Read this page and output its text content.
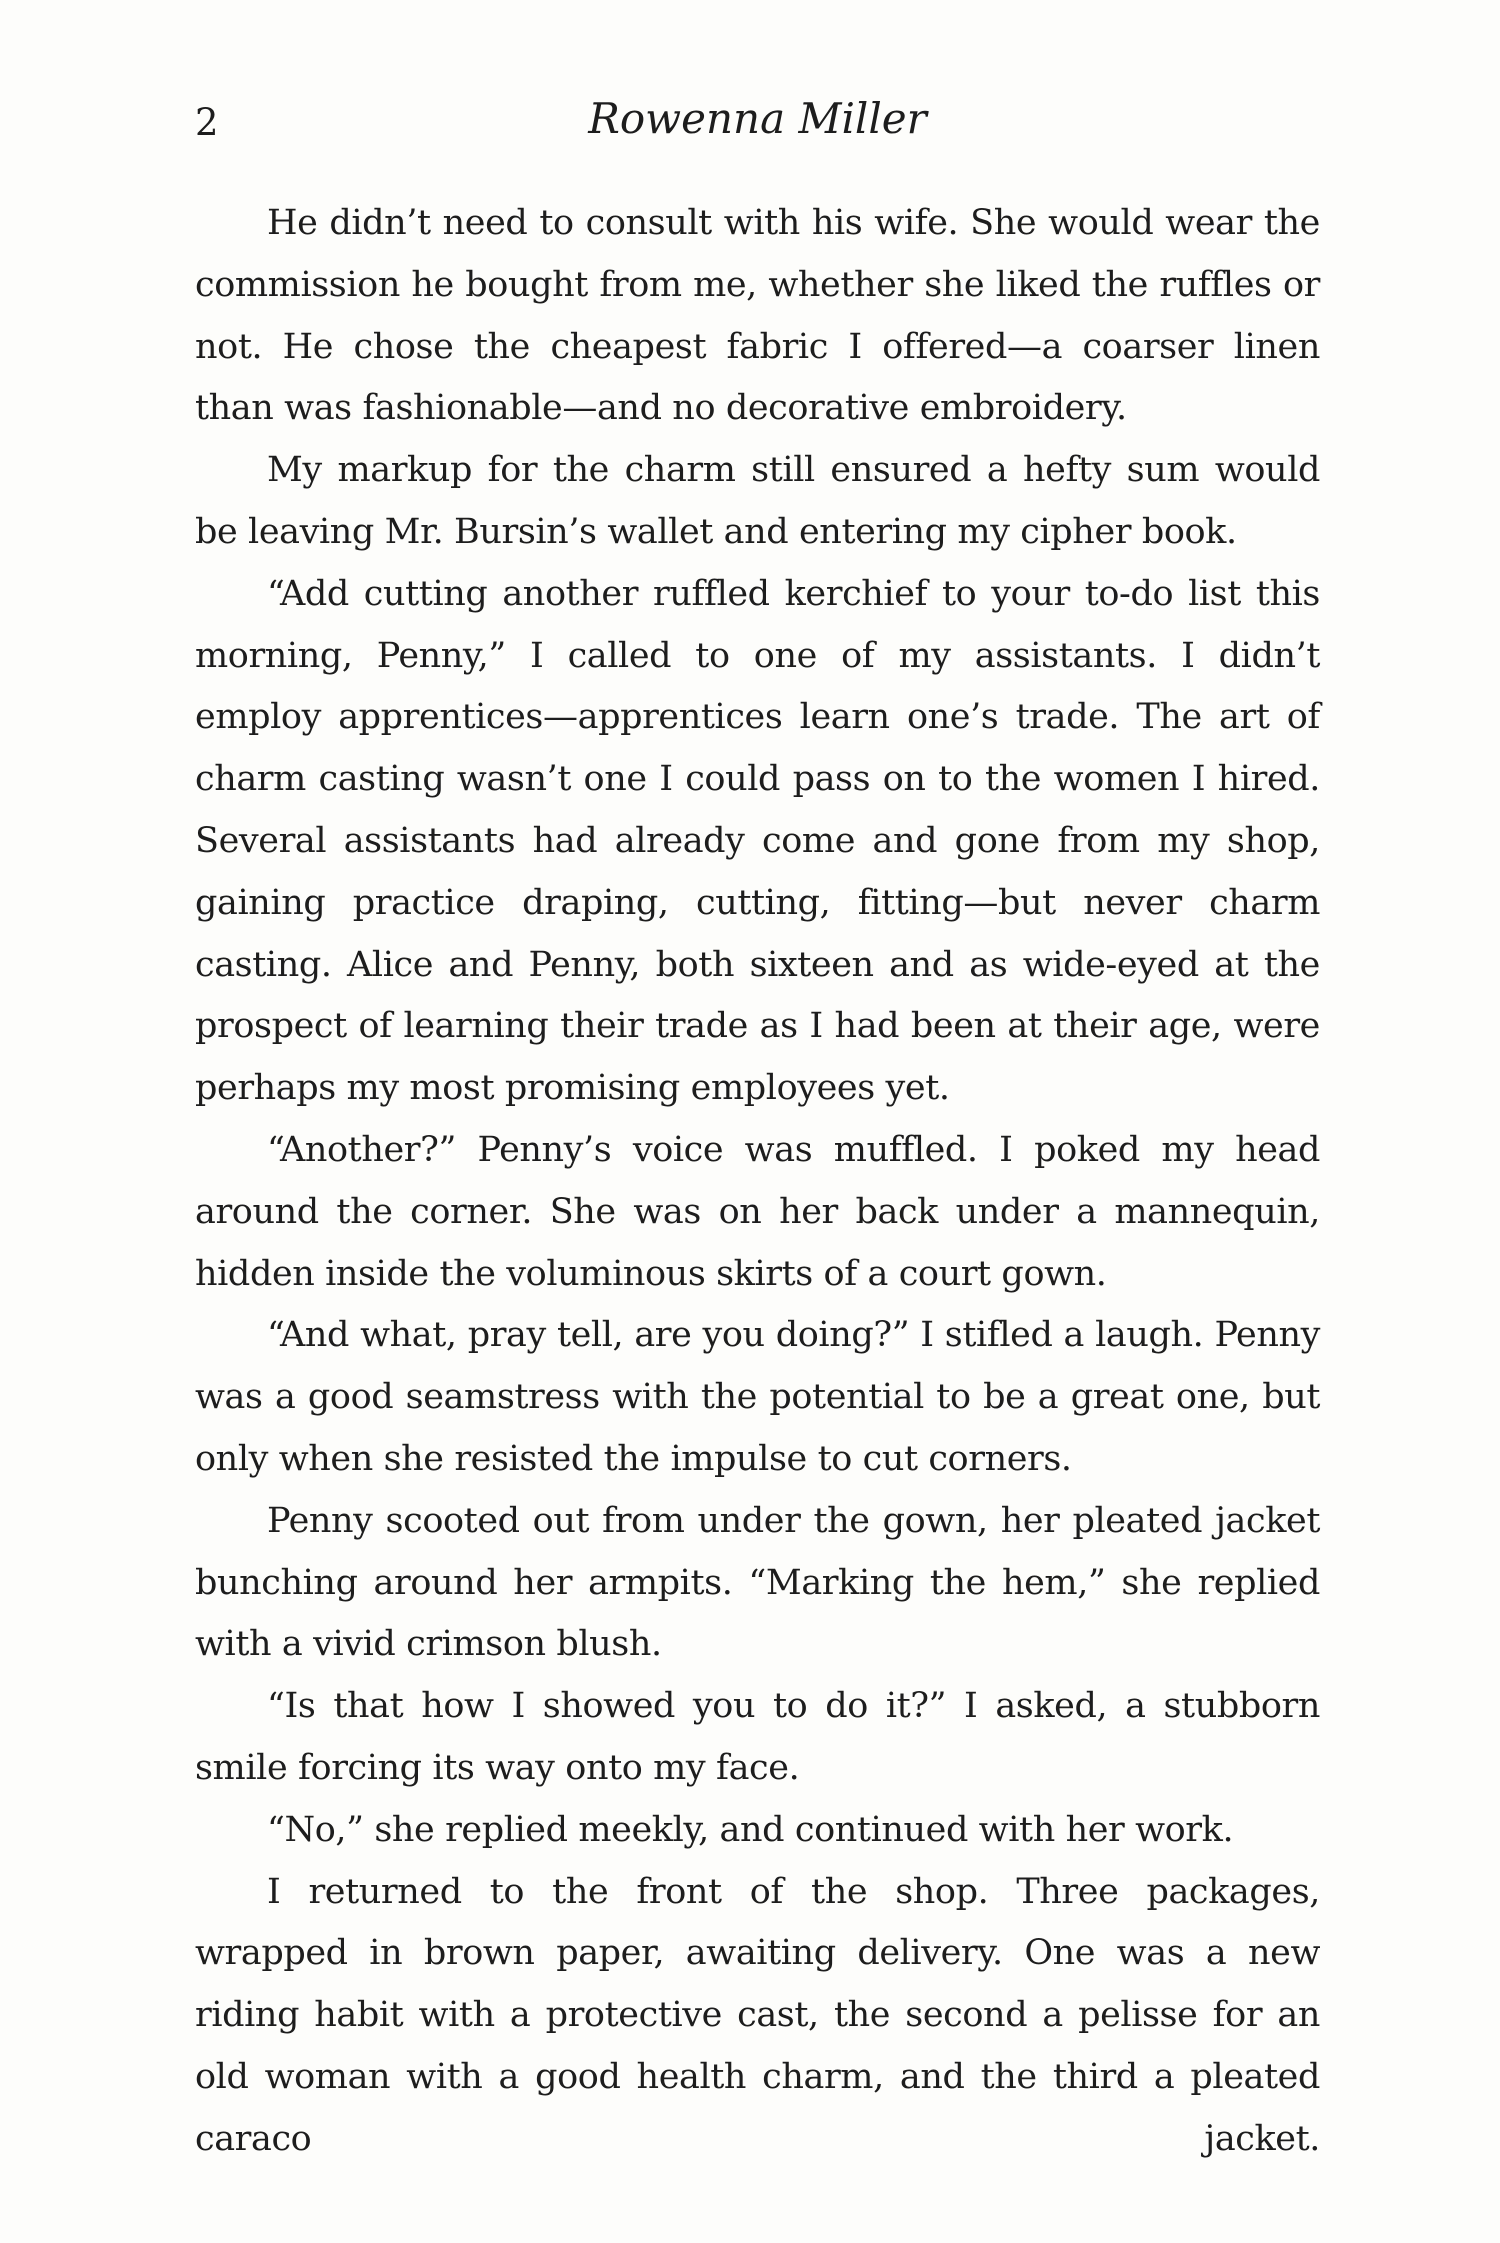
2	Rowenna Miller

He didn’t need to consult with his wife. She would wear the commission he bought from me, whether she liked the ruffles or not. He chose the cheapest fabric I offered—a coarser linen than was fashionable—and no decorative embroidery.

My markup for the charm still ensured a hefty sum would be leaving Mr. Bursin’s wallet and entering my cipher book.

“Add cutting another ruffled kerchief to your to-do list this morning, Penny,” I called to one of my assistants. I didn’t employ apprentices—apprentices learn one’s trade. The art of charm casting wasn’t one I could pass on to the women I hired. Several assistants had already come and gone from my shop, gaining practice draping, cutting, fitting—but never charm casting. Alice and Penny, both sixteen and as wide-eyed at the prospect of learning their trade as I had been at their age, were perhaps my most promising employees yet.

“Another?” Penny’s voice was muffled. I poked my head around the corner. She was on her back under a mannequin, hidden inside the voluminous skirts of a court gown.

“And what, pray tell, are you doing?” I stifled a laugh. Penny was a good seamstress with the potential to be a great one, but only when she resisted the impulse to cut corners.

Penny scooted out from under the gown, her pleated jacket bunching around her armpits. “Marking the hem,” she replied with a vivid crimson blush.

“Is that how I showed you to do it?” I asked, a stubborn smile forcing its way onto my face.

“No,” she replied meekly, and continued with her work.

I returned to the front of the shop. Three packages, wrapped in brown paper, awaiting delivery. One was a new riding habit with a protective cast, the second a pelisse for an old woman with a good health charm, and the third a pleated caraco jacket.
